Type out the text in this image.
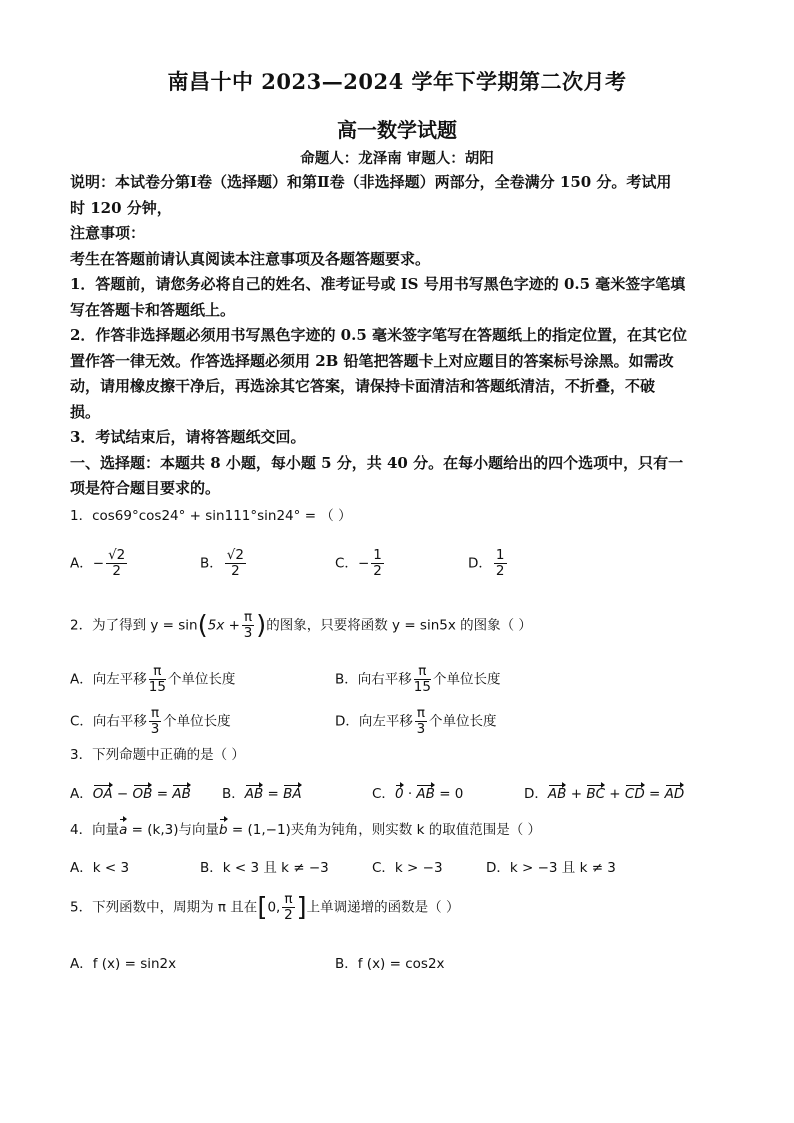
南昌十中 2023—2024 学年下学期第二次月考
高一数学试题
命题人：龙泽南 审题人：胡阳
说明：本试卷分第Ⅰ卷（选择题）和第Ⅱ卷（非选择题）两部分，全卷满分 150 分。考试用
时 120 分钟，
注意事项：
考生在答题前请认真阅读本注意事项及各题答题要求。
1．答题前，请您务必将自己的姓名、准考证号或 IS 号用书写黑色字迹的 0.5 毫米签字笔填
写在答题卡和答题纸上。
2．作答非选择题必须用书写黑色字迹的 0.5 毫米签字笔写在答题纸上的指定位置，在其它位
置作答一律无效。作答选择题必须用 2B 铅笔把答题卡上对应题目的答案标号涂黑。如需改
动，请用橡皮擦干净后，再选涂其它答案，请保持卡面清洁和答题纸清洁，不折叠，不破
损。
3．考试结束后，请将答题纸交回。
一、选择题：本题共 8 小题，每小题 5 分，共 40 分。在每小题给出的四个选项中，只有一
项是符合题目要求的。
1．cos69°cos24° + sin111°sin24° = （ ）
A．− $\frac{√2}{2}$	B． $\frac{√2}{2}$	C．− $\frac{1}{2}$	D． $\frac{1}{2}$
2．为了得到 $y = \sin(5x + \frac{\pi}{3}$ )的图象，只要将函数 y = sin5x 的图象（ ）
A．向左平移 $\frac{\pi}{15}$ 个单位长度	B．向右平移 $\frac{\pi}{15}$ 个单位长度
C．向右平移 $\frac{\pi}{3}$ 个单位长度	D．向左平移 $\frac{\pi}{3}$ 个单位长度
3．下列命题中正确的是（ ）
A．OA − OB = AB B．AB = BA	C．0 · AB = 0	D．AB + BC + CD = AD
4．向量a = (k,3)与向量b = (1,−1)夹角为钝角，则实数 k 的取值范围是（ ）
A．k < 3	B．k < 3 且 k ≠ −3	C．k > −3	D．k > −3 且 k ≠ 3
5．下列函数中，周期为 π 且在[0, $\frac{\pi}{2}$ ]上单调递增的函数是（ ）
A．f (x) = sin2x	B．f (x) = cos2x
